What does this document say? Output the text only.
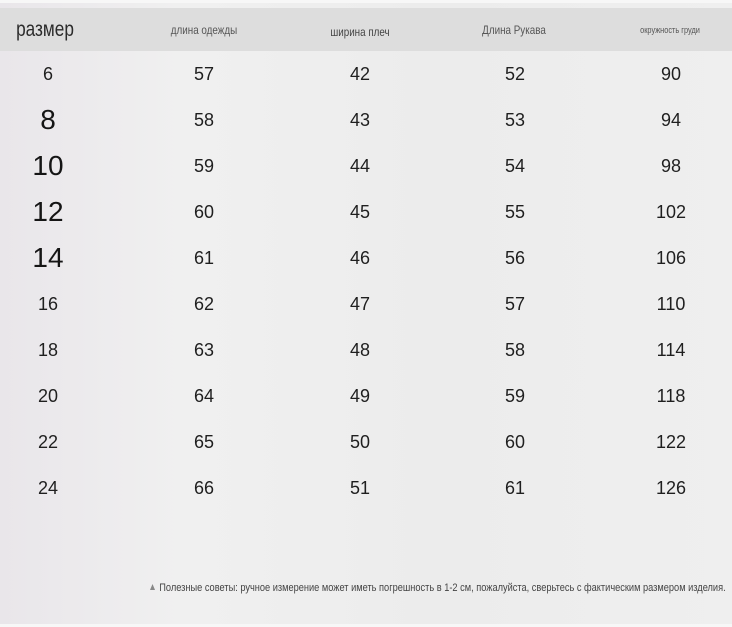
размер	длина одежды	ширина плеч	Длина Рукава	окружность груди
6	57	42	52	90
8	58	43	53	94
10	59	44	54	98
12	60	45	55	102
14	61	46	56	106
16	62	47	57	110
18	63	48	58	114
20	64	49	59	118
22	65	50	60	122
24	66	51	61	126
Полезные советы: ручное измерение может иметь погрешность в 1-2 см, пожалуйста, сверьтесь с фактическим размером изделия.
